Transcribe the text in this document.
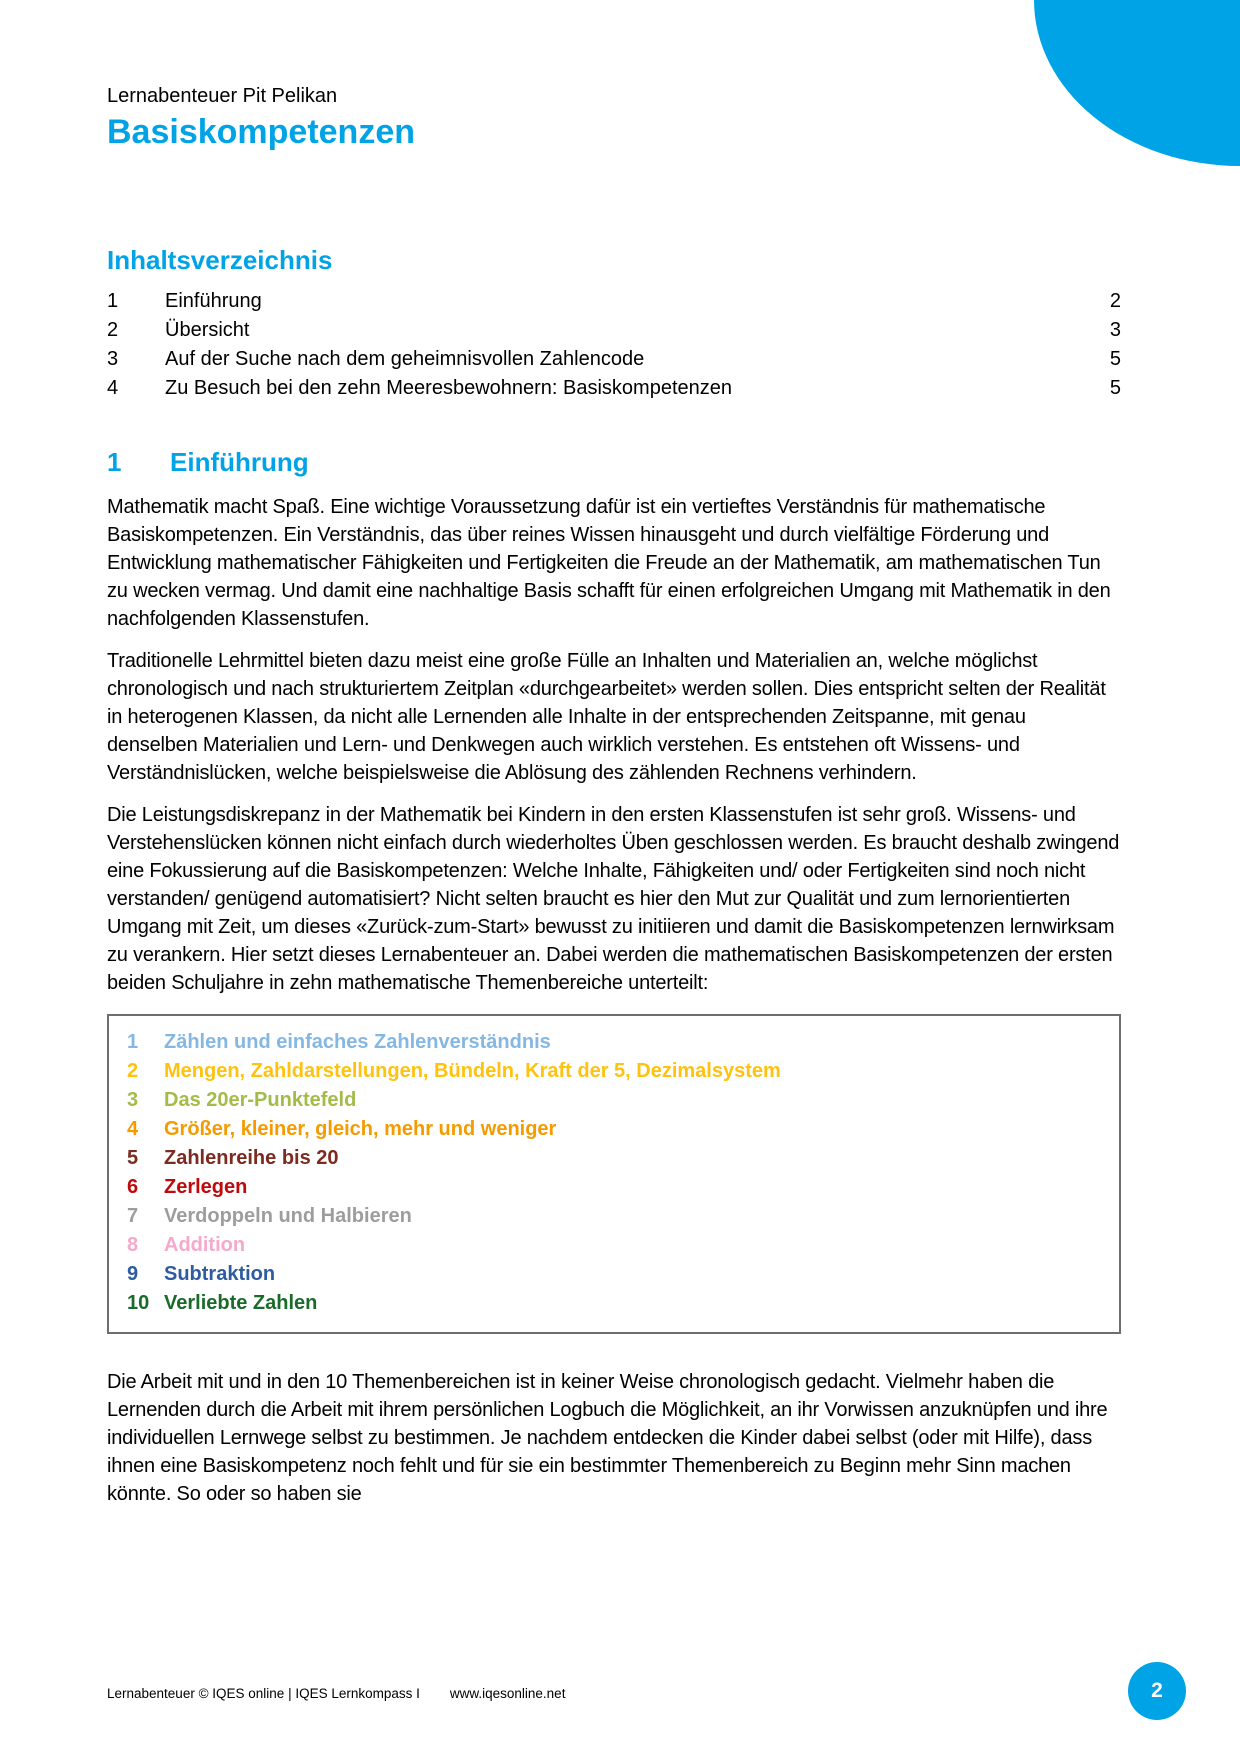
Lernabenteuer Pit Pelikan
Basiskompetenzen
Inhaltsverzeichnis
1	Einführung	2
2	Übersicht	3
3	Auf der Suche nach dem geheimnisvollen Zahlencode	5
4	Zu Besuch bei den zehn Meeresbewohnern: Basiskompetenzen	5
1	Einführung
Mathematik macht Spaß. Eine wichtige Voraussetzung dafür ist ein vertieftes Verständnis für mathematische Basiskompetenzen. Ein Verständnis, das über reines Wissen hinausgeht und durch vielfältige Förderung und Entwicklung mathematischer Fähigkeiten und Fertigkeiten die Freude an der Mathematik, am mathematischen Tun zu wecken vermag. Und damit eine nachhaltige Basis schafft für einen erfolgreichen Umgang mit Mathematik in den nachfolgenden Klassenstufen.
Traditionelle Lehrmittel bieten dazu meist eine große Fülle an Inhalten und Materialien an, welche möglichst chronologisch und nach strukturiertem Zeitplan «durchgearbeitet» werden sollen. Dies entspricht selten der Realität in heterogenen Klassen, da nicht alle Lernenden alle Inhalte in der entsprechenden Zeitspanne, mit genau denselben Materialien und Lern- und Denkwegen auch wirklich verstehen. Es entstehen oft Wissens- und Verständnislücken, welche beispielsweise die Ablösung des zählenden Rechnens verhindern.
Die Leistungsdiskrepanz in der Mathematik bei Kindern in den ersten Klassenstufen ist sehr groß. Wissens- und Verstehenslücken können nicht einfach durch wiederholtes Üben geschlossen werden. Es braucht deshalb zwingend eine Fokussierung auf die Basiskompetenzen: Welche Inhalte, Fähigkeiten und/ oder Fertigkeiten sind noch nicht verstanden/ genügend automatisiert? Nicht selten braucht es hier den Mut zur Qualität und zum lernorientierten Umgang mit Zeit, um dieses «Zurück-zum-Start» bewusst zu initiieren und damit die Basiskompetenzen lernwirksam zu verankern. Hier setzt dieses Lernabenteuer an. Dabei werden die mathematischen Basiskompetenzen der ersten beiden Schuljahre in zehn mathematische Themenbereiche unterteilt:
1	Zählen und einfaches Zahlenverständnis
2	Mengen, Zahldarstellungen, Bündeln, Kraft der 5, Dezimalsystem
3	Das 20er-Punktefeld
4	Größer, kleiner, gleich, mehr und weniger
5	Zahlenreihe bis 20
6	Zerlegen
7	Verdoppeln und Halbieren
8	Addition
9	Subtraktion
10 Verliebte Zahlen
Die Arbeit mit und in den 10 Themenbereichen ist in keiner Weise chronologisch gedacht. Vielmehr haben die Lernenden durch die Arbeit mit ihrem persönlichen Logbuch die Möglichkeit, an ihr Vorwissen anzuknüpfen und ihre individuellen Lernwege selbst zu bestimmen. Je nachdem entdecken die Kinder dabei selbst (oder mit Hilfe), dass ihnen eine Basiskompetenz noch fehlt und für sie ein bestimmter Themenbereich zu Beginn mehr Sinn machen könnte. So oder so haben sie
Lernabenteuer © IQES online | IQES Lernkompass I www.iqesonline.net	2
